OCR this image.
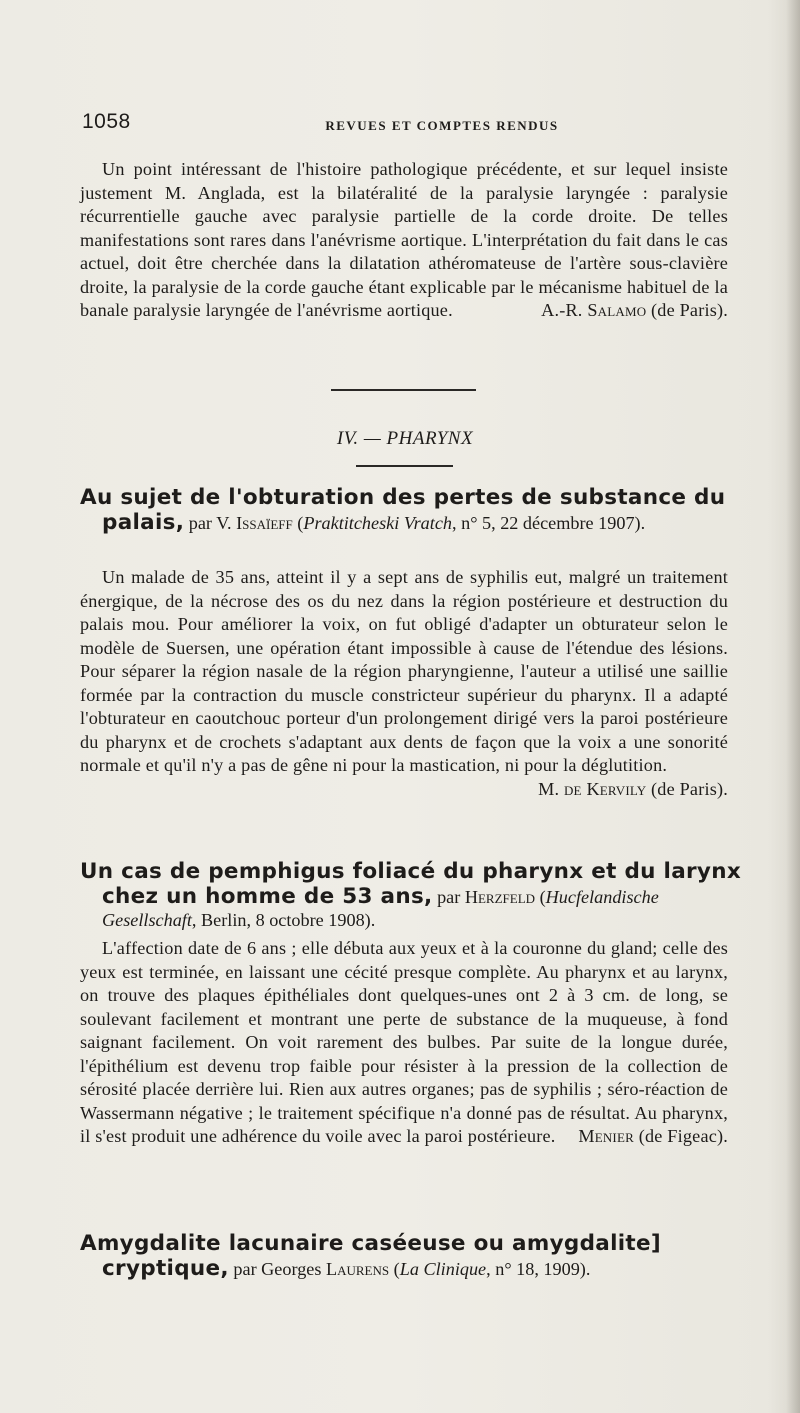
1058	REVUES ET COMPTES RENDUS
Un point intéressant de l'histoire pathologique précédente, et sur lequel insiste justement M. Anglada, est la bilatéralité de la paralysie laryngée : paralysie récurrentielle gauche avec paralysie partielle de la corde droite. De telles manifestations sont rares dans l'anévrisme aortique. L'interprétation du fait dans le cas actuel, doit être cherchée dans la dilatation athéromateuse de l'artère sous-clavière droite, la paralysie de la corde gauche étant explicable par le mécanisme habituel de la banale paralysie laryngée de l'anévrisme aortique.	A.-R. Salamo (de Paris).
IV. — PHARYNX
Au sujet de l'obturation des pertes de substance du palais, par V. Issaïeff (Praktitcheski Vratch, n° 5, 22 décembre 1907).
Un malade de 35 ans, atteint il y a sept ans de syphilis eut, malgré un traitement énergique, de la nécrose des os du nez dans la région postérieure et destruction du palais mou. Pour améliorer la voix, on fut obligé d'adapter un obturateur selon le modèle de Suersen, une opération étant impossible à cause de l'étendue des lésions. Pour séparer la région nasale de la région pharyngienne, l'auteur a utilisé une saillie formée par la contraction du muscle constricteur supérieur du pharynx. Il a adapté l'obturateur en caoutchouc porteur d'un prolongement dirigé vers la paroi postérieure du pharynx et de crochets s'adaptant aux dents de façon que la voix a une sonorité normale et qu'il n'y a pas de gêne ni pour la mastication, ni pour la déglutition.
M. de Kervily (de Paris).
Un cas de pemphigus foliacé du pharynx et du larynx chez un homme de 53 ans, par Herzfeld (Hucfelandische Gesellschaft, Berlin, 8 octobre 1908).
L'affection date de 6 ans ; elle débuta aux yeux et à la couronne du gland; celle des yeux est terminée, en laissant une cécité presque complète. Au pharynx et au larynx, on trouve des plaques épithéliales dont quelques-unes ont 2 à 3 cm. de long, se soulevant facilement et montrant une perte de substance de la muqueuse, à fond saignant facilement. On voit rarement des bulbes. Par suite de la longue durée, l'épithélium est devenu trop faible pour résister à la pression de la collection de sérosité placée derrière lui. Rien aux autres organes; pas de syphilis ; séro-réaction de Wassermann négative ; le traitement spécifique n'a donné pas de résultat. Au pharynx, il s'est produit une adhérence du voile avec la paroi postérieure.	Menier (de Figeac).
Amygdalite lacunaire caséeuse ou amygdalite] cryptique, par Georges Laurens (La Clinique, n° 18, 1909).
